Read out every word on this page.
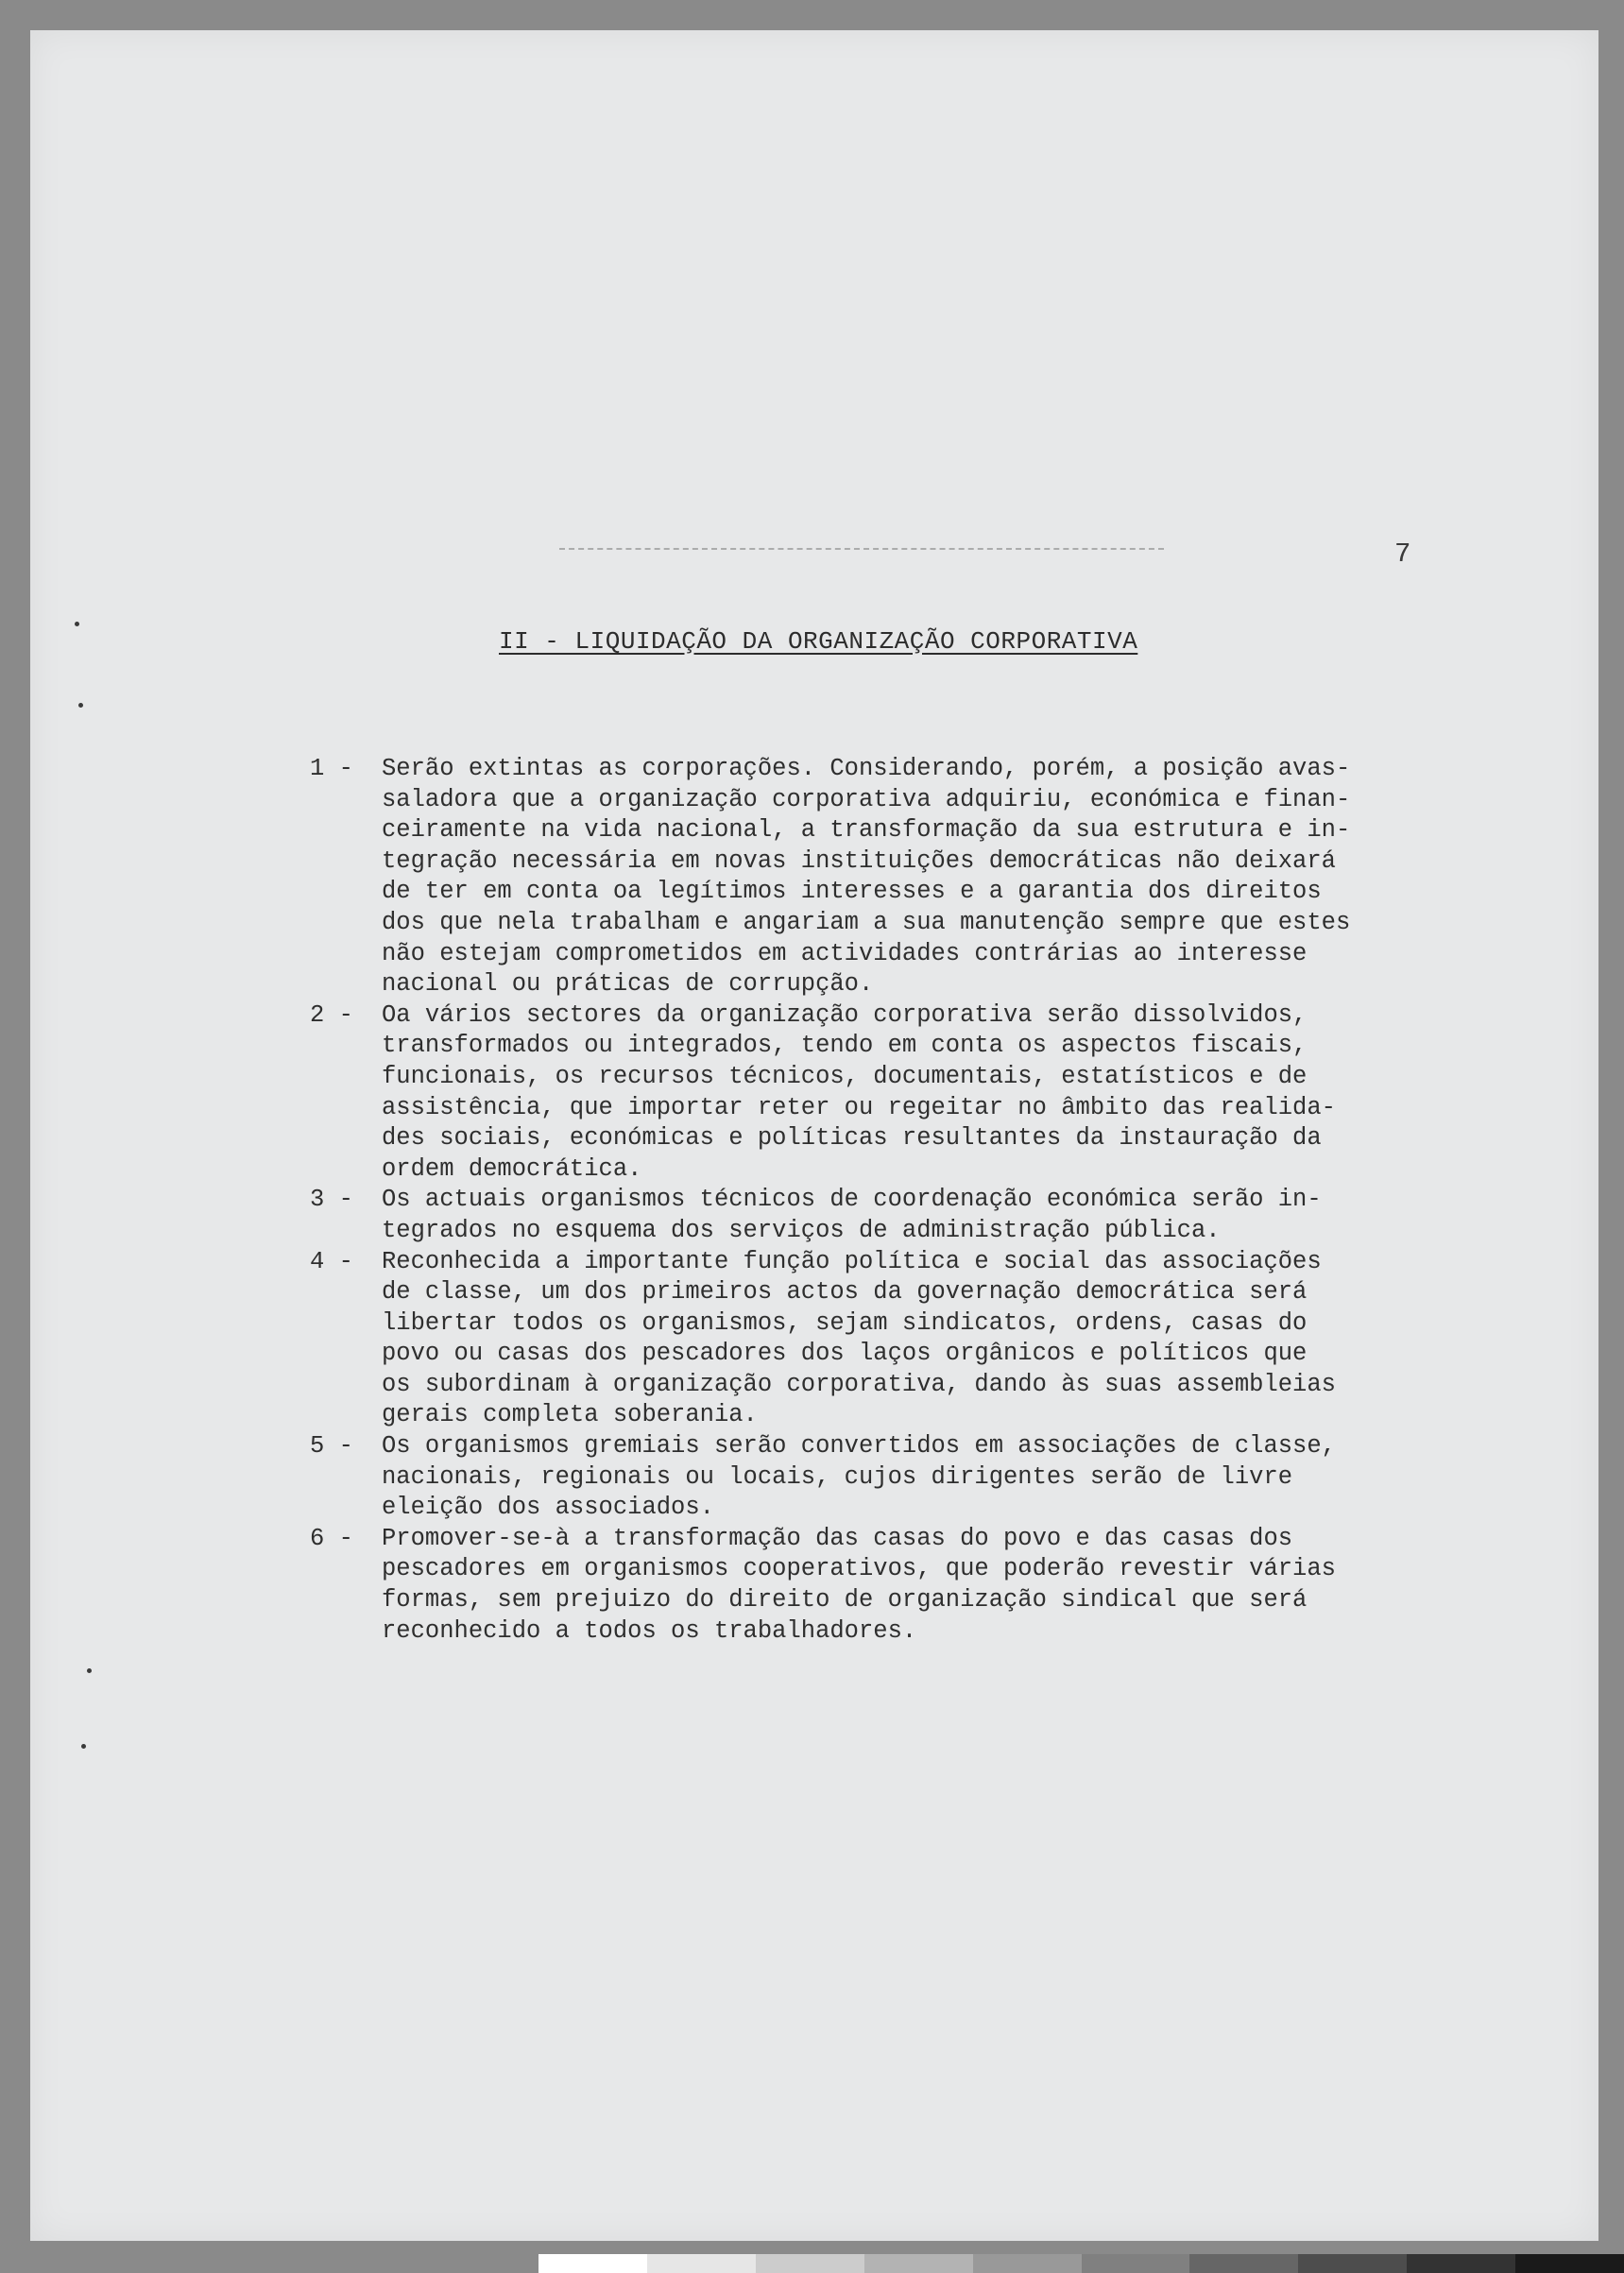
7
II - LIQUIDAÇÃO DA ORGANIZAÇÃO CORPORATIVA
1 -	Serão extintas as corporações. Considerando, porém, a posição avas-
saladora que a organização corporativa adquiriu, económica e finan-
ceiramente na vida nacional, a transformação da sua estrutura e in-
tegração necessária em novas instituições democráticas não deixará
de ter em conta oa legítimos interesses e a garantia dos direitos
dos que nela trabalham e angariam a sua manutenção sempre que estes
não estejam comprometidos em actividades contrárias ao interesse
nacional ou práticas de corrupção.
2 -	Oa vários sectores da organização corporativa serão dissolvidos,
transformados ou integrados, tendo em conta os aspectos fiscais,
funcionais, os recursos técnicos, documentais, estatísticos e de
assistência, que importar reter ou regeitar no âmbito das realida-
des sociais, económicas e políticas resultantes da instauração da
ordem democrática.
3 -	Os actuais organismos técnicos de coordenação económica serão in-
tegrados no esquema dos serviços de administração pública.
4 -	Reconhecida a importante função política e social das associações
de classe, um dos primeiros actos da governação democrática será
libertar todos os organismos, sejam sindicatos, ordens, casas do
povo ou casas dos pescadores dos laços orgânicos e políticos que
os subordinam à organização corporativa, dando às suas assembleias
gerais completa soberania.
5 -	Os organismos gremiais serão convertidos em associações de classe,
nacionais, regionais ou locais, cujos dirigentes serão de livre
eleição dos associados.
6 -	Promover-se-à a transformação das casas do povo e das casas dos
pescadores em organismos cooperativos, que poderão revestir várias
formas, sem prejuizo do direito de organização sindical que será
reconhecido a todos os trabalhadores.
